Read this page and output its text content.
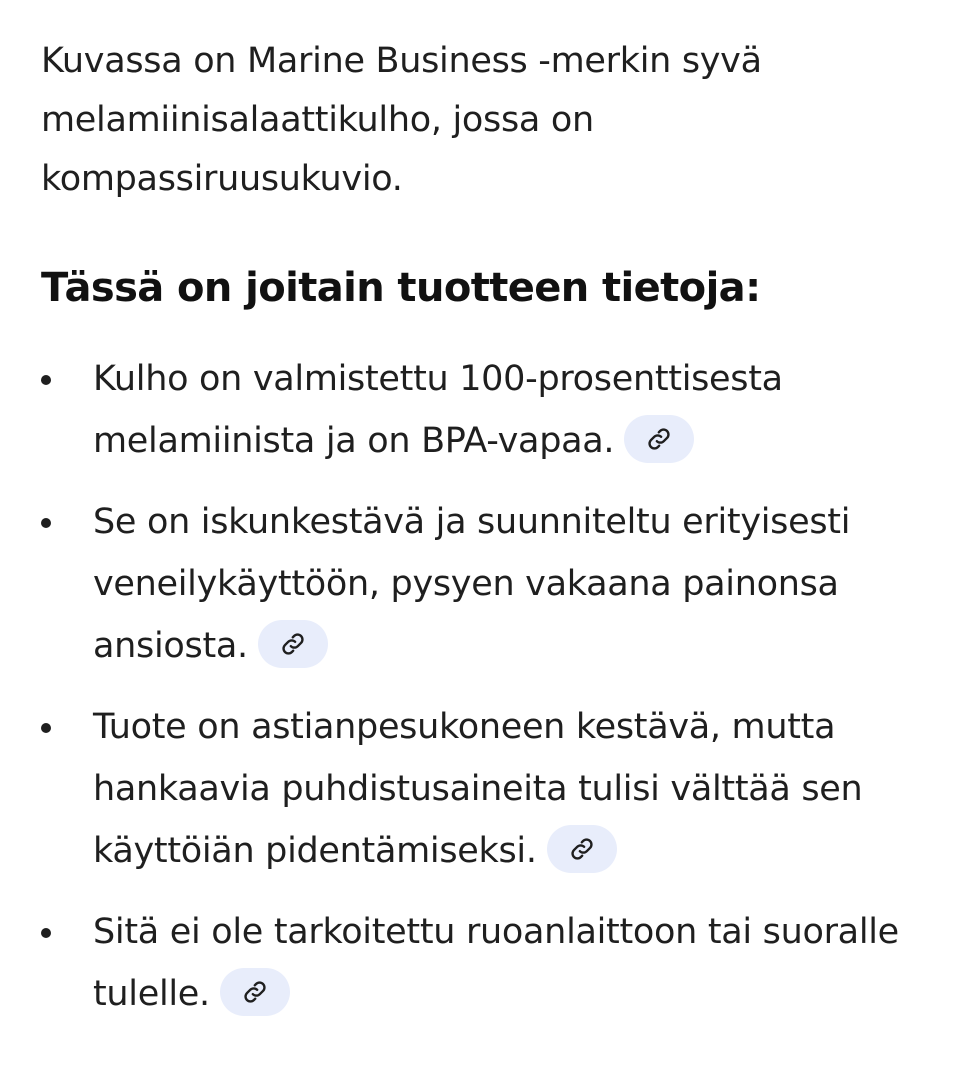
Kuvassa on Marine Business -merkin syvä melamiinisalaattikulho, jossa on kompassiruusukuvio.

Tässä on joitain tuotteen tietoja:
Kulho on valmistettu 100-prosenttisesta melamiinista ja on BPA-vapaa.
Se on iskunkestävä ja suunniteltu erityisesti veneilykäyttöön, pysyen vakaana painonsa ansiosta.
Tuote on astianpesukoneen kestävä, mutta hankaavia puhdistusaineita tulisi välttää sen käyttöiän pidentämiseksi.
Sitä ei ole tarkoitettu ruoanlaittoon tai suoralle tulelle.
